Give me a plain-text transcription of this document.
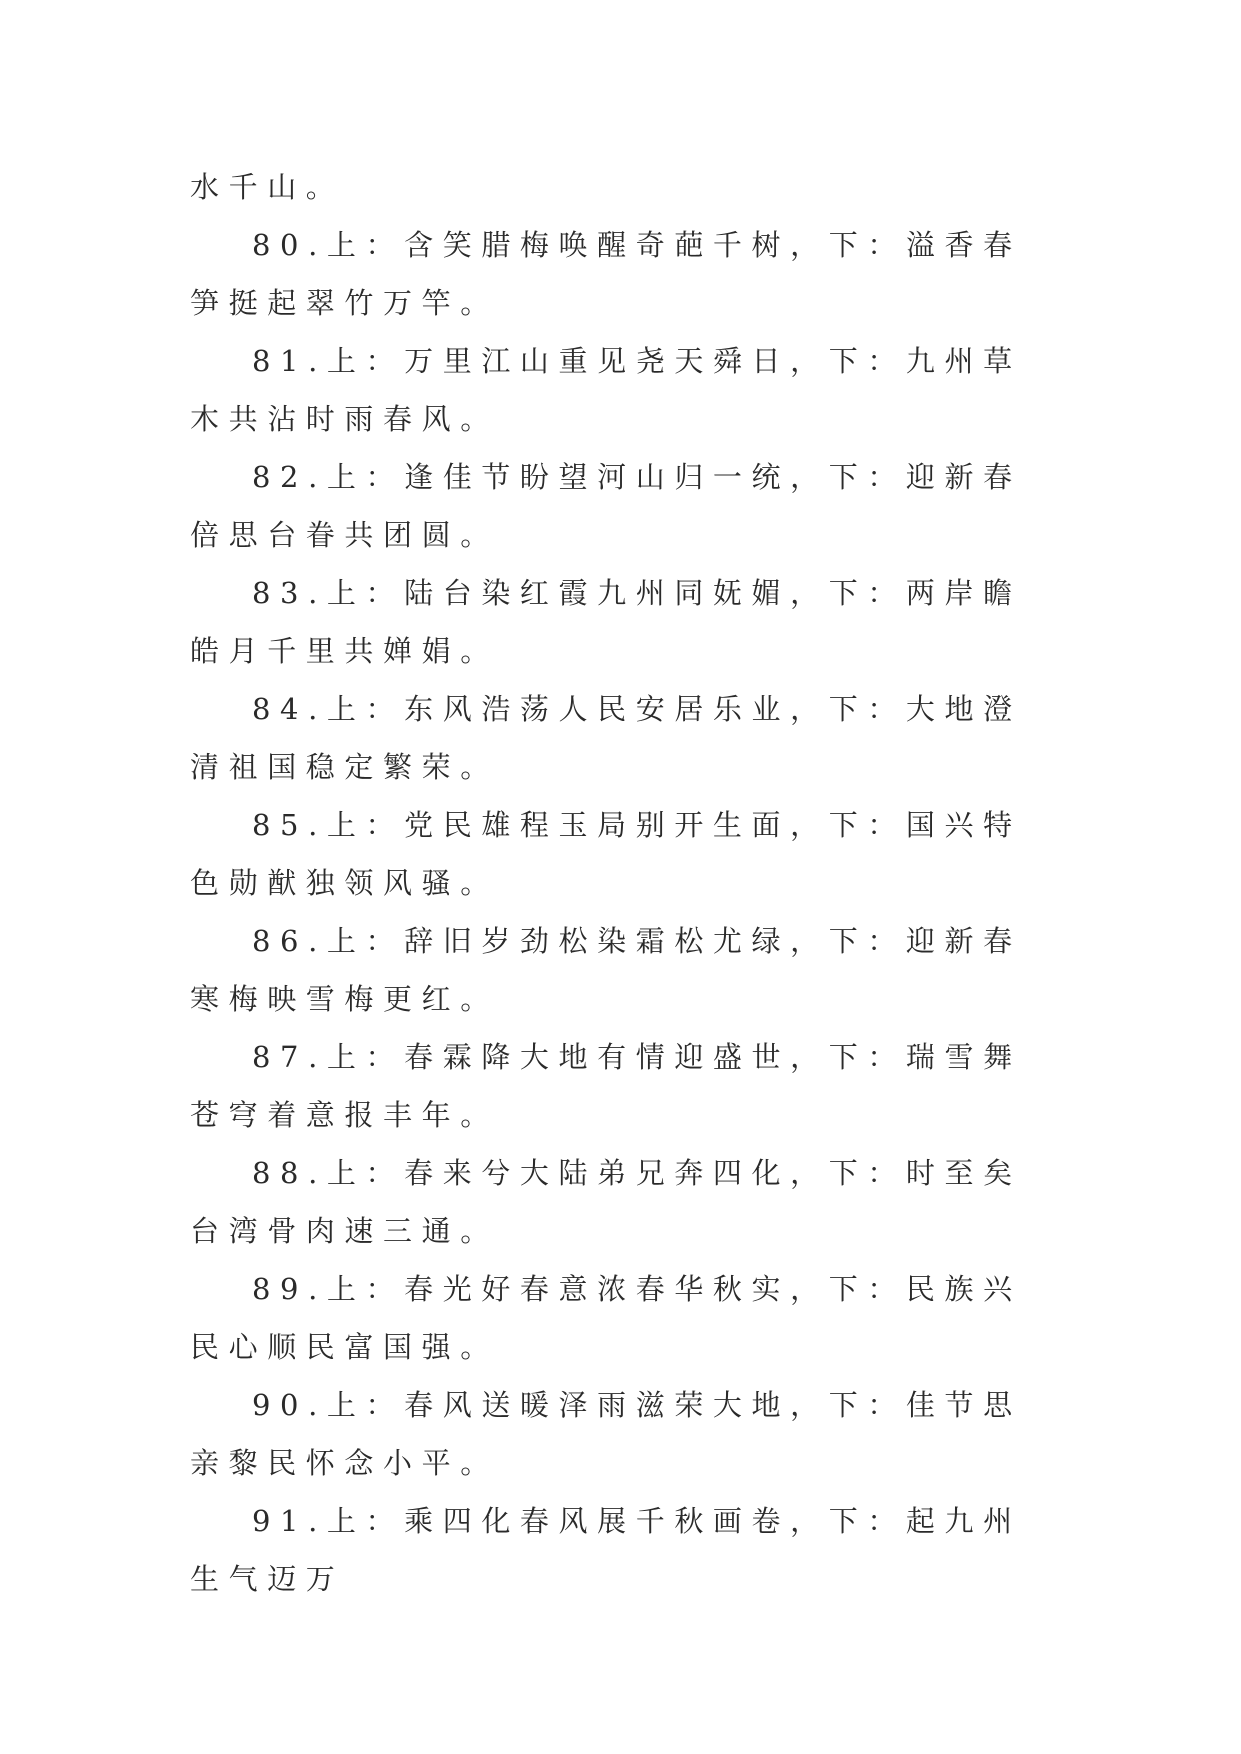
水千山。

80.上：含笑腊梅唤醒奇葩千树，下：溢香春笋挺起翠竹万竿。

81.上：万里江山重见尧天舜日，下：九州草木共沾时雨春风。

82.上：逢佳节盼望河山归一统，下：迎新春倍思台眷共团圆。

83.上：陆台染红霞九州同妩媚，下：两岸瞻皓月千里共婵娟。

84.上：东风浩荡人民安居乐业，下：大地澄清祖国稳定繁荣。

85.上：党民雄程玉局别开生面，下：国兴特色勋猷独领风骚。

86.上：辞旧岁劲松染霜松尤绿，下：迎新春寒梅映雪梅更红。

87.上：春霖降大地有情迎盛世，下：瑞雪舞苍穹着意报丰年。

88.上：春来兮大陆弟兄奔四化，下：时至矣台湾骨肉速三通。

89.上：春光好春意浓春华秋实，下：民族兴民心顺民富国强。

90.上：春风送暖泽雨滋荣大地，下：佳节思亲黎民怀念小平。

91.上：乘四化春风展千秋画卷，下：起九州生气迈万
